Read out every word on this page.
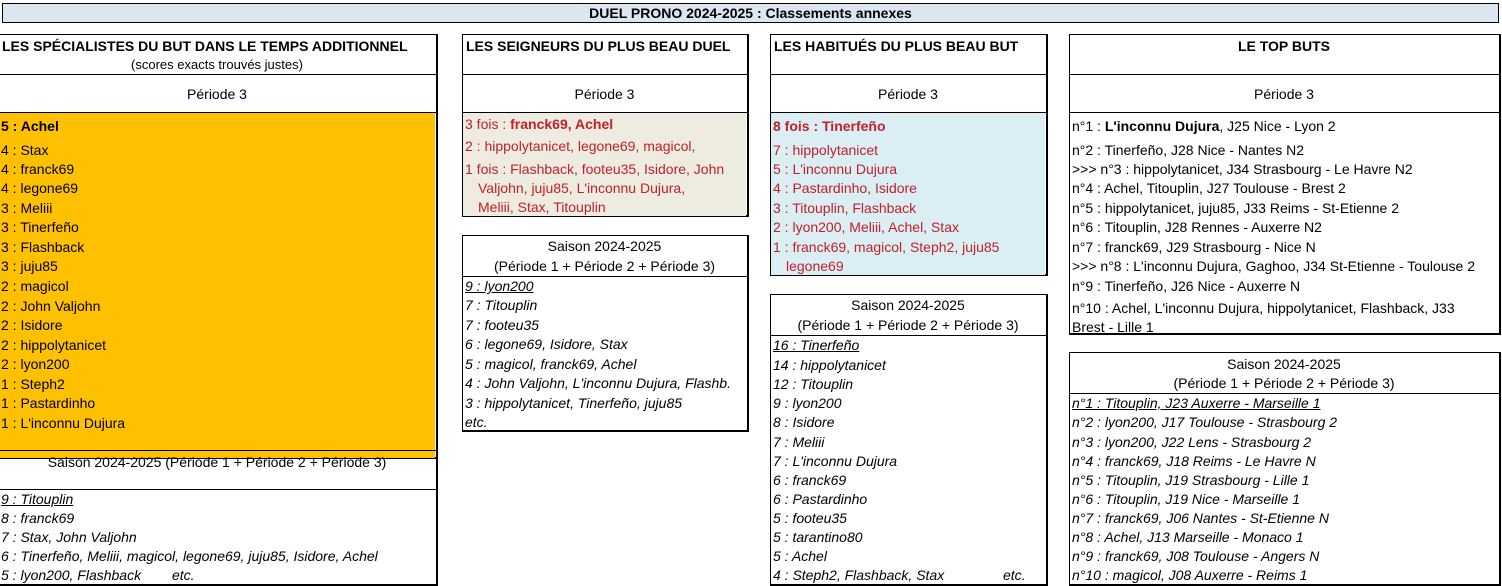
DUEL PRONO 2024-2025 : Classements annexes
LES SPÉCIALISTES DU BUT DANS LE TEMPS ADDITIONNEL
(scores exacts trouvés justes)
Période 3
5 : Achel
4 : Stax
4 : franck69
4 : legone69
3 : Meliii
3 : Tinerfeño
3 : Flashback
3 : juju85
2 : magicol
2 : John Valjohn
2 : Isidore
2 : hippolytanicet
2 : lyon200
1 : Steph2
1 : Pastardinho
1 : L'inconnu Dujura
Saison 2024-2025 (Période 1 + Période 2 + Période 3)
9 : Titouplin
8 : franck69
7 : Stax, John Valjohn
6 : Tinerfeño, Meliii, magicol, legone69, juju85, Isidore, Achel
5 : lyon200, Flashback etc.
LES SEIGNEURS DU PLUS BEAU DUEL
Période 3
3 fois : franck69, Achel
2 : hippolytanicet, legone69, magicol,
1 fois : Flashback, footeu35, Isidore, John
Valjohn, juju85, L'inconnu Dujura,
Meliii, Stax, Titouplin
Saison 2024-2025
(Période 1 + Période 2 + Période 3)
9 : lyon200
7 : Titouplin
7 : footeu35
6 : legone69, Isidore, Stax
5 : magicol, franck69, Achel
4 : John Valjohn, L'inconnu Dujura, Flashb.
3 : hippolytanicet, Tinerfeño, juju85
etc.
LES HABITUÉS DU PLUS BEAU BUT
Période 3
8 fois : Tinerfeño
7 : hippolytanicet
5 : L'inconnu Dujura
4 : Pastardinho, Isidore
3 : Titouplin, Flashback
2 : lyon200, Meliii, Achel, Stax
1 : franck69, magicol, Steph2, juju85
legone69
Saison 2024-2025
(Période 1 + Période 2 + Période 3)
16 : Tinerfeño
14 : hippolytanicet
12 : Titouplin
9 : lyon200
8 : Isidore
7 : Meliii
7 : L'inconnu Dujura
6 : franck69
6 : Pastardinho
5 : footeu35
5 : tarantino80
5 : Achel
4 : Steph2, Flashback, Stax	etc.
LE TOP BUTS
Période 3
n°1 : L'inconnu Dujura, J25 Nice - Lyon 2
n°2 : Tinerfeño, J28 Nice - Nantes N2
>>> n°3 : hippolytanicet, J34 Strasbourg - Le Havre N2
n°4 : Achel, Titouplin, J27 Toulouse - Brest 2
n°5 : hippolytanicet, juju85, J33 Reims - St-Etienne 2
n°6 : Titouplin, J28 Rennes - Auxerre N2
n°7 : franck69, J29 Strasbourg - Nice N
>>> n°8 : L'inconnu Dujura, Gaghoo, J34 St-Etienne - Toulouse 2
n°9 : Tinerfeño, J26 Nice - Auxerre N
n°10 : Achel, L'inconnu Dujura, hippolytanicet, Flashback, J33
Brest - Lille 1
Saison 2024-2025
(Période 1 + Période 2 + Période 3)
n°1 : Titouplin, J23 Auxerre - Marseille 1
n°2 : lyon200, J17 Toulouse - Strasbourg 2
n°3 : lyon200, J22 Lens - Strasbourg 2
n°4 : franck69, J18 Reims - Le Havre N
n°5 : Titouplin, J19 Strasbourg - Lille 1
n°6 : Titouplin, J19 Nice - Marseille 1
n°7 : franck69, J06 Nantes - St-Etienne N
n°8 : Achel, J13 Marseille - Monaco 1
n°9 : franck69, J08 Toulouse - Angers N
n°10 : magicol, J08 Auxerre - Reims 1
